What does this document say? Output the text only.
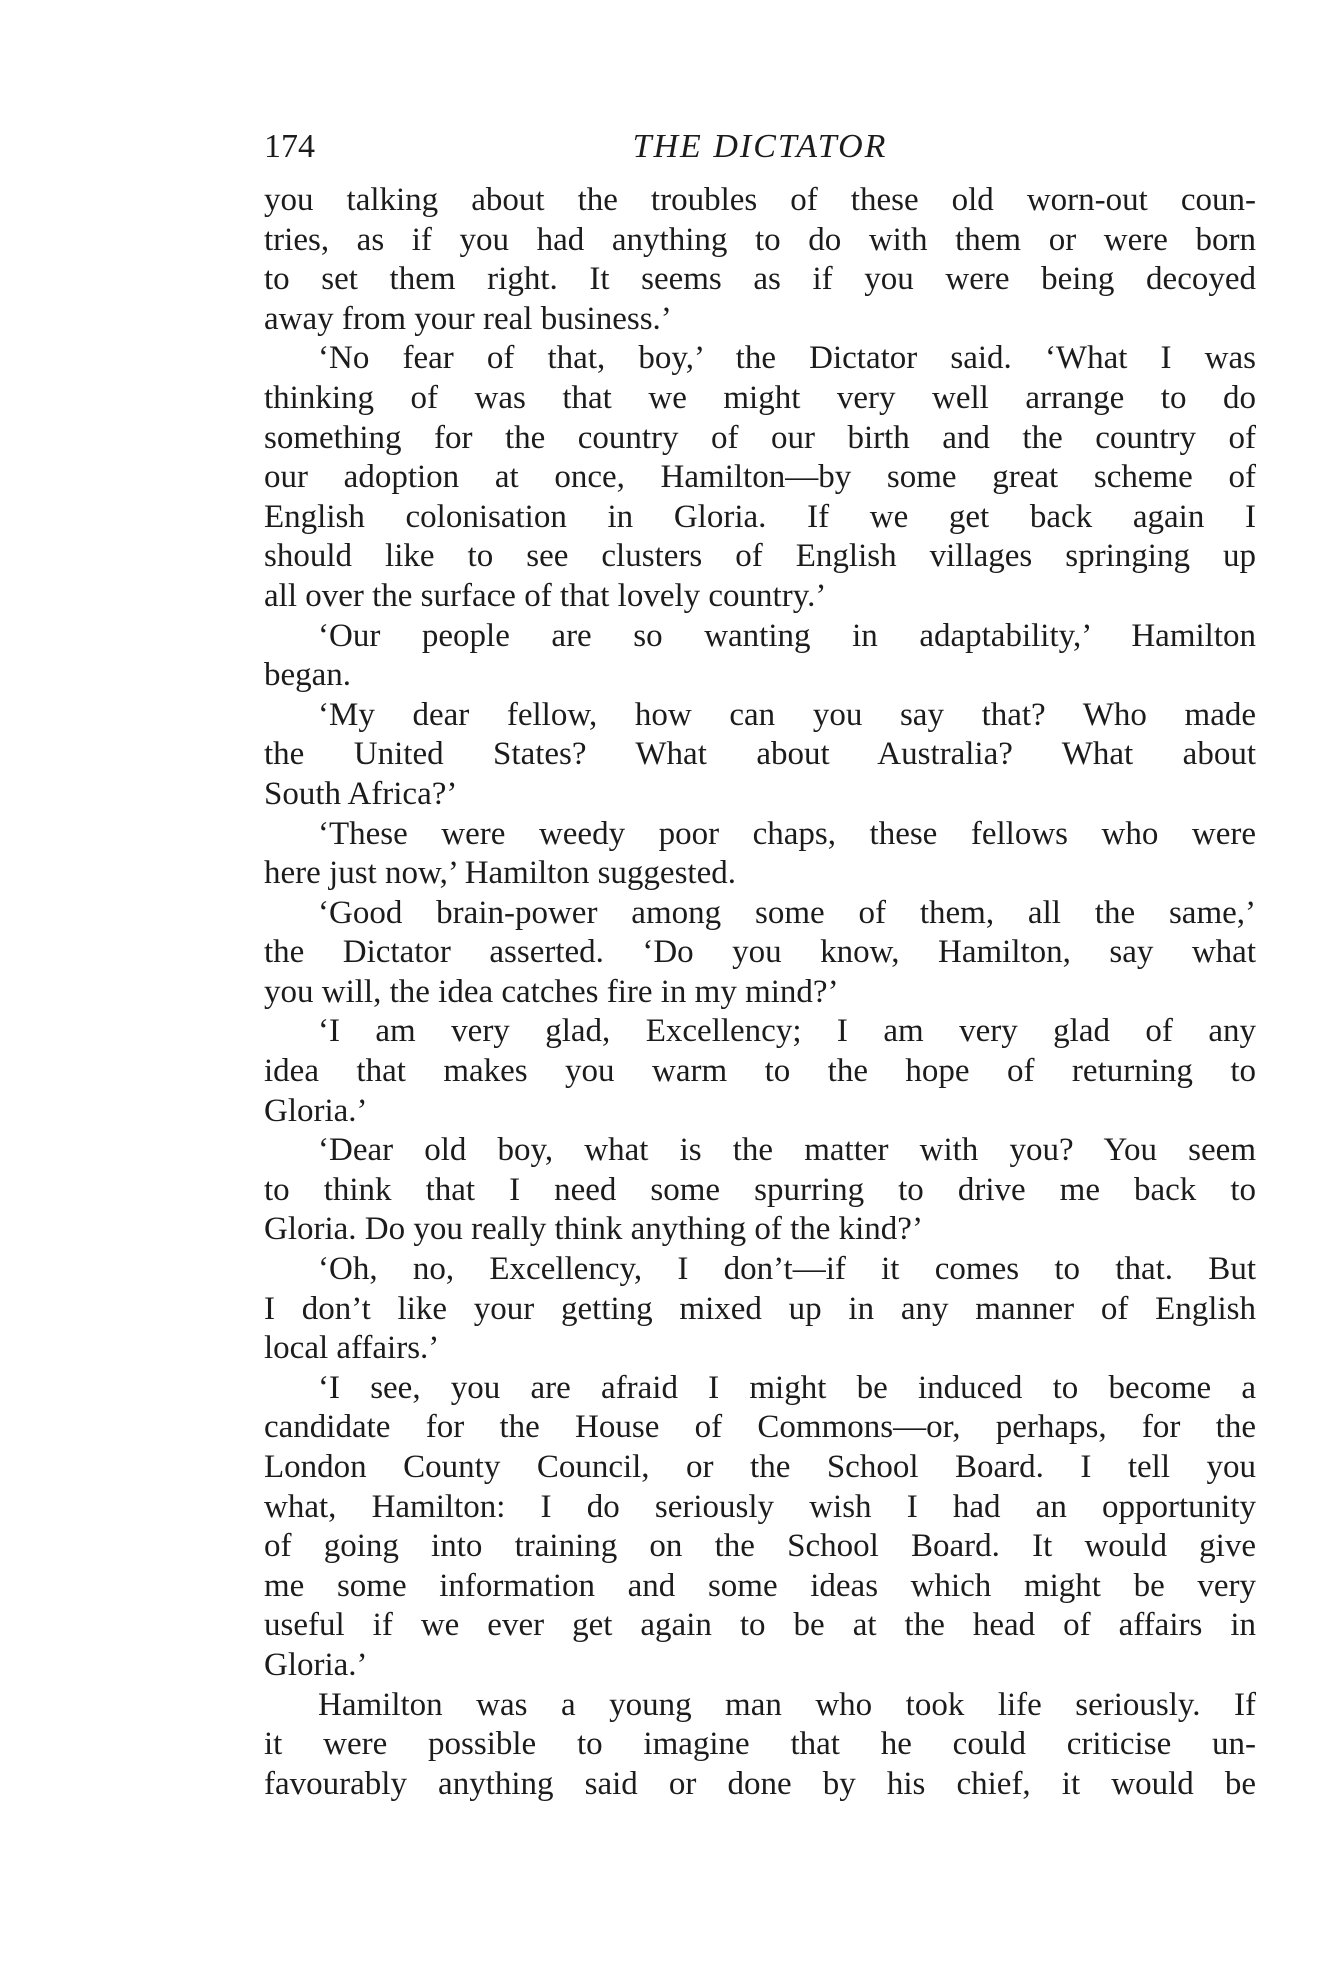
174	THE DICTATOR
you talking about the troubles of these old worn-out coun-
tries, as if you had anything to do with them or were born
to set them right. It seems as if you were being decoyed
away from your real business.’
‘No fear of that, boy,’ the Dictator said. ‘What I was
thinking of was that we might very well arrange to do
something for the country of our birth and the country of
our adoption at once, Hamilton—by some great scheme of
English colonisation in Gloria. If we get back again I
should like to see clusters of English villages springing up
all over the surface of that lovely country.’
‘Our people are so wanting in adaptability,’ Hamilton
began.
‘My dear fellow, how can you say that? Who made
the United States? What about Australia? What about
South Africa?’
‘These were weedy poor chaps, these fellows who were
here just now,’ Hamilton suggested.
‘Good brain-power among some of them, all the same,’
the Dictator asserted. ‘Do you know, Hamilton, say what
you will, the idea catches fire in my mind?’
‘I am very glad, Excellency; I am very glad of any
idea that makes you warm to the hope of returning to
Gloria.’
‘Dear old boy, what is the matter with you? You seem
to think that I need some spurring to drive me back to
Gloria. Do you really think anything of the kind?’
‘Oh, no, Excellency, I don’t—if it comes to that. But
I don’t like your getting mixed up in any manner of English
local affairs.’
‘I see, you are afraid I might be induced to become a
candidate for the House of Commons—or, perhaps, for the
London County Council, or the School Board. I tell you
what, Hamilton: I do seriously wish I had an opportunity
of going into training on the School Board. It would give
me some information and some ideas which might be very
useful if we ever get again to be at the head of affairs in
Gloria.’
Hamilton was a young man who took life seriously. If
it were possible to imagine that he could criticise un-
favourably anything said or done by his chief, it would be
